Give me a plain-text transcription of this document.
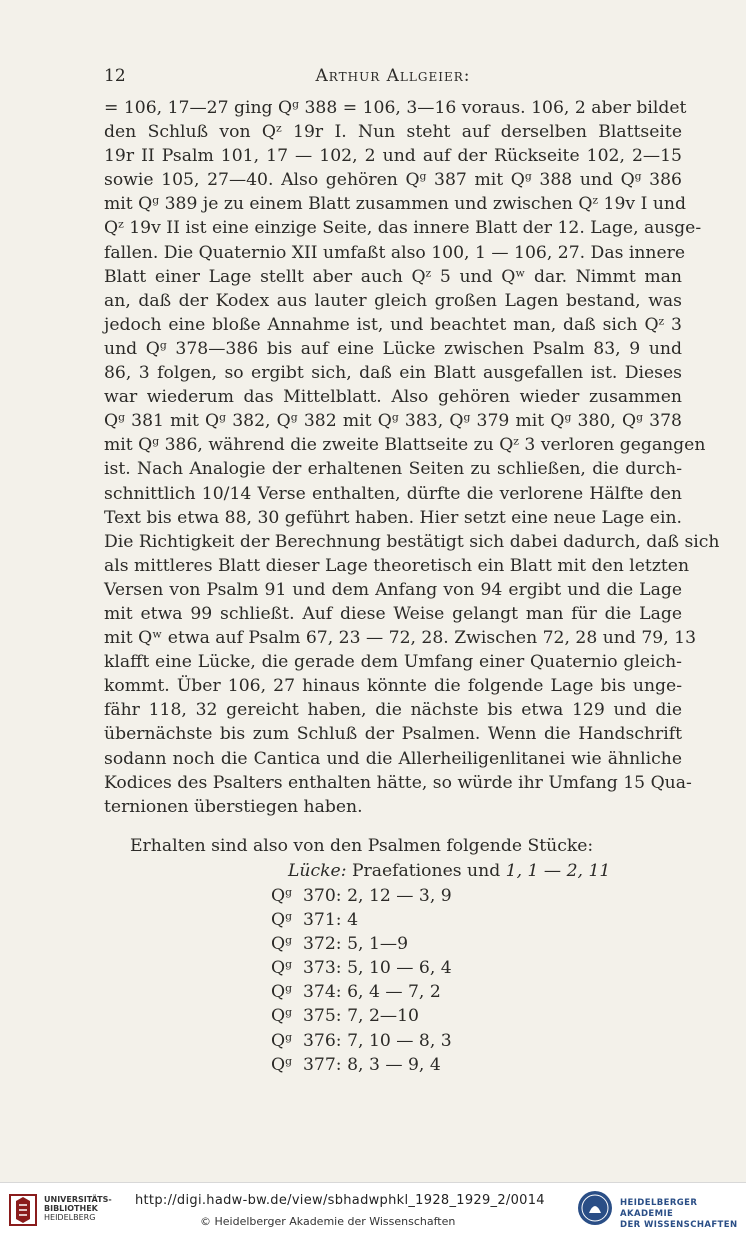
12	Arthur Allgeier:
= 106, 17—27 ging Qᵍ 388 = 106, 3—16 voraus. 106, 2 aber bildet
den Schluß von Qᶻ 19r I. Nun steht auf derselben Blattseite
19r II Psalm 101, 17 — 102, 2 und auf der Rückseite 102, 2—15
sowie 105, 27—40. Also gehören Qᵍ 387 mit Qᵍ 388 und Qᵍ 386
mit Qᵍ 389 je zu einem Blatt zusammen und zwischen Qᶻ 19v I und
Qᶻ 19v II ist eine einzige Seite, das innere Blatt der 12. Lage, ausge-
fallen. Die Quaternio XII umfaßt also 100, 1 — 106, 27. Das innere
Blatt einer Lage stellt aber auch Qᶻ 5 und Qʷ dar. Nimmt man
an, daß der Kodex aus lauter gleich großen Lagen bestand, was
jedoch eine bloße Annahme ist, und beachtet man, daß sich Qᶻ 3
und Qᵍ 378—386 bis auf eine Lücke zwischen Psalm 83, 9 und
86, 3 folgen, so ergibt sich, daß ein Blatt ausgefallen ist. Dieses
war wiederum das Mittelblatt. Also gehören wieder zusammen
Qᵍ 381 mit Qᵍ 382, Qᵍ 382 mit Qᵍ 383, Qᵍ 379 mit Qᵍ 380, Qᵍ 378
mit Qᵍ 386, während die zweite Blattseite zu Qᶻ 3 verloren gegangen
ist. Nach Analogie der erhaltenen Seiten zu schließen, die durch-
schnittlich 10/14 Verse enthalten, dürfte die verlorene Hälfte den
Text bis etwa 88, 30 geführt haben. Hier setzt eine neue Lage ein.
Die Richtigkeit der Berechnung bestätigt sich dabei dadurch, daß sich
als mittleres Blatt dieser Lage theoretisch ein Blatt mit den letzten
Versen von Psalm 91 und dem Anfang von 94 ergibt und die Lage
mit etwa 99 schließt. Auf diese Weise gelangt man für die Lage
mit Qʷ etwa auf Psalm 67, 23 — 72, 28. Zwischen 72, 28 und 79, 13
klafft eine Lücke, die gerade dem Umfang einer Quaternio gleich-
kommt. Über 106, 27 hinaus könnte die folgende Lage bis unge-
fähr 118, 32 gereicht haben, die nächste bis etwa 129 und die
übernächste bis zum Schluß der Psalmen. Wenn die Handschrift
sodann noch die Cantica und die Allerheiligenlitanei wie ähnliche
Kodices des Psalters enthalten hätte, so würde ihr Umfang 15 Qua-
ternionen überstiegen haben.
Erhalten sind also von den Psalmen folgende Stücke:
Lücke: Praefationes und 1, 1 — 2, 11
Qᵍ 370: 2, 12 — 3, 9
Qᵍ 371: 4
Qᵍ 372: 5, 1—9
Qᵍ 373: 5, 10 — 6, 4
Qᵍ 374: 6, 4 — 7, 2
Qᵍ 375: 7, 2—10
Qᵍ 376: 7, 10 — 8, 3
Qᵍ 377: 8, 3 — 9, 4
UNIVERSITÄTS-
BIBLIOTHEK
HEIDELBERG
http://digi.hadw-bw.de/view/sbhadwphkl_1928_1929_2/0014
© Heidelberger Akademie der Wissenschaften
HEIDELBERGER AKADEMIE
DER WISSENSCHAFTEN
